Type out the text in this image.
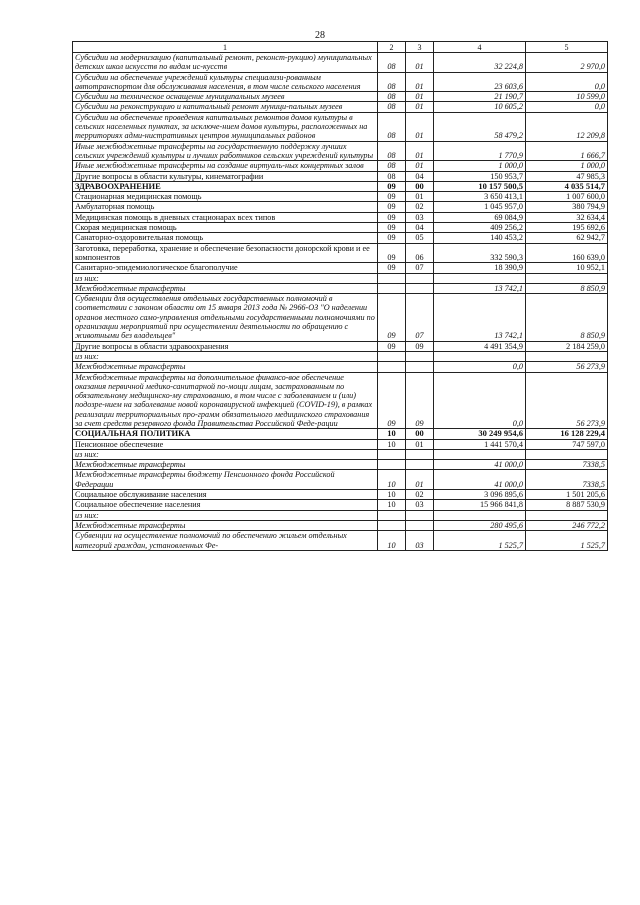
28
1	2	3	4	5
Субсидии на модернизацию (капитальный ремонт, реконст-рукцию) муниципальных детских школ искусств по видам ис-кусств	08	01	32 224,8	2 970,0
Субсидии на обеспечение учреждений культуры специализи-рованным автотранспортом для обслуживания населения, в том числе сельского населения	08	01	23 603,6	0,0
Субсидии на техническое оснащение муниципальных музеев	08	01	21 190,7	10 599,0
Субсидии на реконструкцию и капитальный ремонт муници-пальных музеев	08	01	10 605,2	0,0
Субсидии на обеспечение проведения капитальных ремонтов домов культуры в сельских населенных пунктах, за исключе-нием домов культуры, расположенных на территориях адми-нистративных центров муниципальных районов	08	01	58 479,2	12 209,8
Иные межбюджетные трансферты на государственную поддержку лучших сельских учреждений культуры и лучших работников сельских учреждений культуры	08	01	1 770,9	1 666,7
Иные межбюджетные трансферты на создание виртуаль-ных концертных залов	08	01	1 000,0	1 000,0
Другие вопросы в области культуры, кинематографии	08	04	150 953,7	47 985,3
ЗДРАВООХРАНЕНИЕ	09	00	10 157 500,5	4 035 514,7
Стационарная медицинская помощь	09	01	3 650 413,1	1 007 600,0
Амбулаторная помощь	09	02	1 045 957,0	380 794,9
Медицинская помощь в дневных стационарах всех типов	09	03	69 084,9	32 634,4
Скорая медицинская помощь	09	04	409 256,2	195 692,6
Санаторно-оздоровительная помощь	09	05	140 453,2	62 942,7
Заготовка, переработка, хранение и обеспечение безопасности донорской крови и ее компонентов	09	06	332 590,3	160 639,0
Санитарно-эпидемиологическое благополучие	09	07	18 390,9	10 952,1
из них:				
Межбюджетные трансферты			13 742,1	8 850,9
Субвенции для осуществления отдельных государственных полномочий в соответствии с законом области от 15 января 2013 года № 2966-ОЗ "О наделении органов местного само-управления отдельными государственными полномочиями по организации мероприятий при осуществлении деятельности по обращению с животными без владельцев"	09	07	13 742,1	8 850,9
Другие вопросы в области здравоохранения	09	09	4 491 354,9	2 184 259,0
из них:				
Межбюджетные трансферты			0,0	56 273,9
Межбюджетные трансферты на дополнительное финансо-вое обеспечение оказания первичной медико-санитарной по-мощи лицам, застрахованным по обязательному медицинско-му страхованию, в том числе с заболеванием и (или) подозре-нием на заболевание новой коронавирусной инфекцией (COVID-19), в рамках реализации территориальных про-грамм обязательного медицинского страхования за счет средств резервного фонда Правительства Российской Феде-рации	09	09	0,0	56 273,9
СОЦИАЛЬНАЯ ПОЛИТИКА	10	00	30 249 954,6	16 128 229,4
Пенсионное обеспечение	10	01	1 441 570,4	747 597,0
из них:				
Межбюджетные трансферты			41 000,0	7338,5
Межбюджетные трансферты бюджету Пенсионного фонда Российской Федерации	10	01	41 000,0	7338,5
Социальное обслуживание населения	10	02	3 096 895,6	1 501 205,6
Социальное обеспечение населения	10	03	15 966 841,8	8 887 530,9
из них:				
Межбюджетные трансферты			280 495,6	246 772,2
Субвенции на осуществление полномочий по обеспечению жильем отдельных категорий граждан, установленных Фе-	10	03	1 525,7	1 525,7
